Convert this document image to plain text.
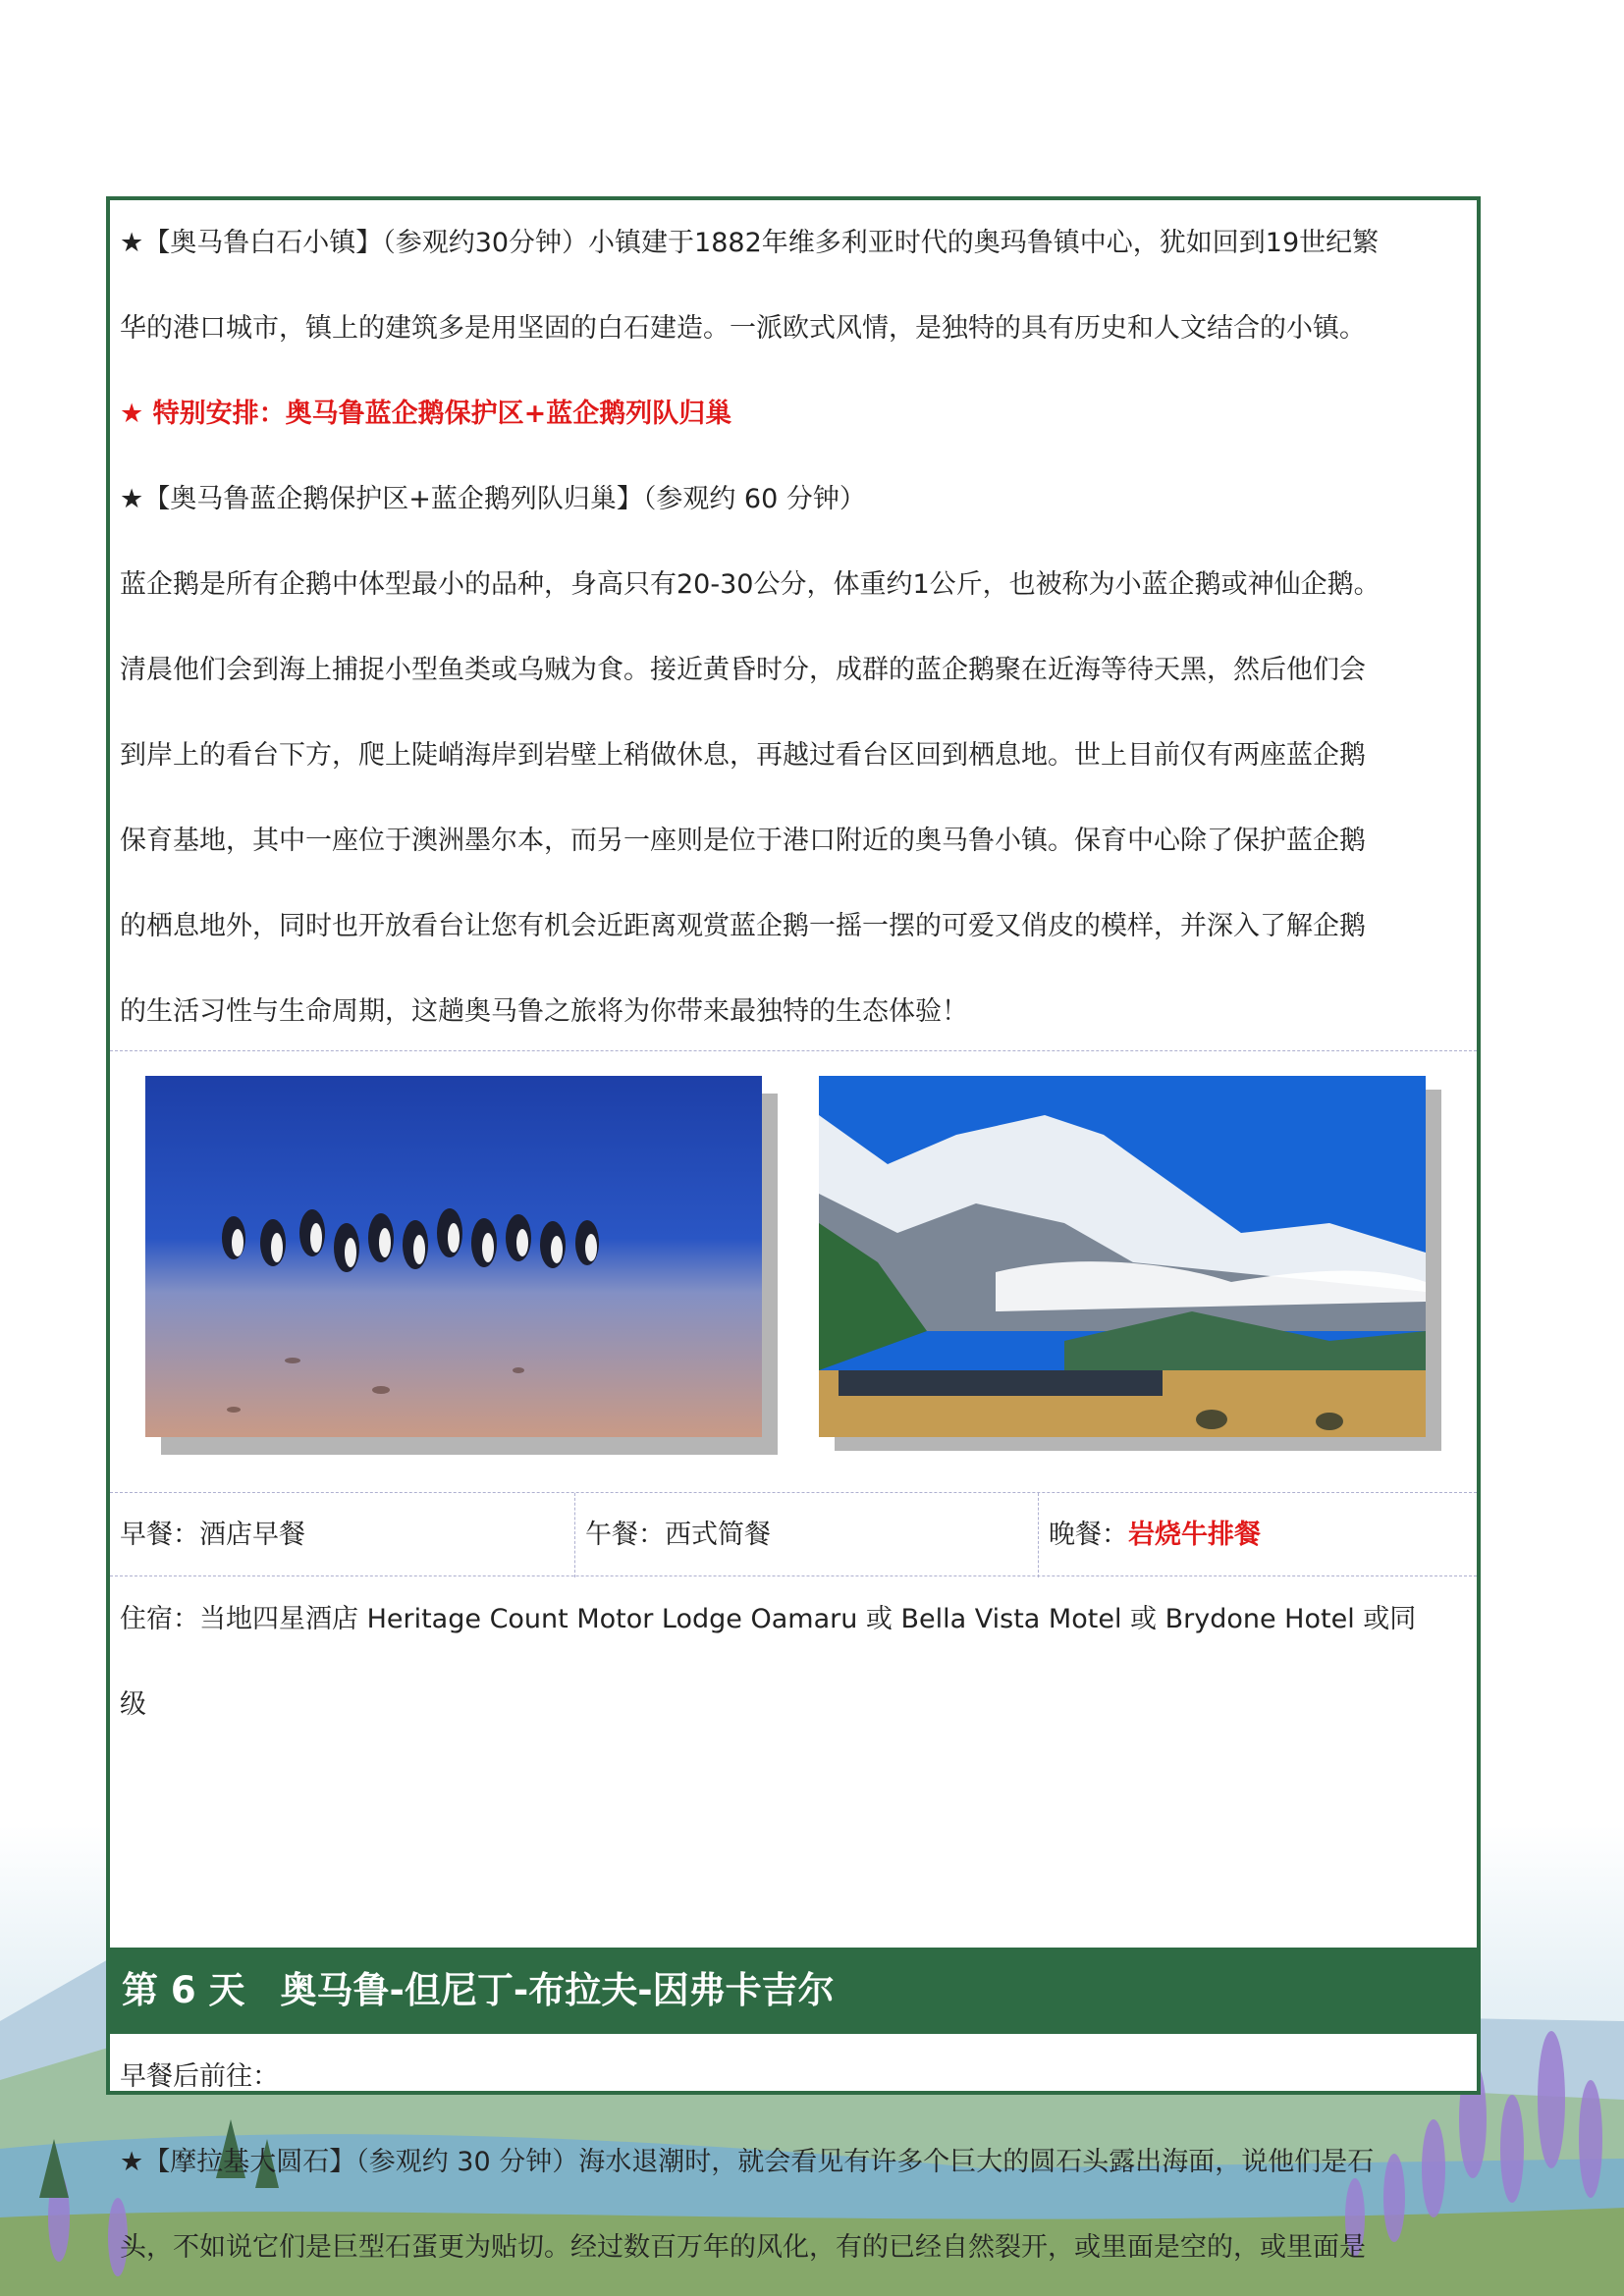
★【奥马鲁白石小镇】（参观约30分钟）小镇建于1882年维多利亚时代的奥玛鲁镇中心，犹如回到19世纪繁
华的港口城市，镇上的建筑多是用坚固的白石建造。一派欧式风情，是独特的具有历史和人文结合的小镇。
★ 特别安排：奥马鲁蓝企鹅保护区+蓝企鹅列队归巢
★【奥马鲁蓝企鹅保护区+蓝企鹅列队归巢】（参观约 60 分钟）
蓝企鹅是所有企鹅中体型最小的品种，身高只有20-30公分，体重约1公斤，也被称为小蓝企鹅或神仙企鹅。
清晨他们会到海上捕捉小型鱼类或乌贼为食。接近黄昏时分，成群的蓝企鹅聚在近海等待天黑，然后他们会
到岸上的看台下方，爬上陡峭海岸到岩壁上稍做休息，再越过看台区回到栖息地。世上目前仅有两座蓝企鹅
保育基地，其中一座位于澳洲墨尔本，而另一座则是位于港口附近的奥马鲁小镇。保育中心除了保护蓝企鹅
的栖息地外，同时也开放看台让您有机会近距离观赏蓝企鹅一摇一摆的可爱又俏皮的模样，并深入了解企鹅
的生活习性与生命周期，这趟奥马鲁之旅将为你带来最独特的生态体验！
早餐：酒店早餐	午餐：西式简餐	晚餐：岩烧牛排餐
住宿：当地四星酒店 Heritage Count Motor Lodge Oamaru 或 Bella Vista Motel 或 Brydone Hotel 或同
级
第 6 天 奥马鲁-但尼丁-布拉夫-因弗卡吉尔
早餐后前往：
★【摩拉基大圆石】（参观约 30 分钟）海水退潮时，就会看见有许多个巨大的圆石头露出海面，说他们是石
头，不如说它们是巨型石蛋更为贴切。经过数百万年的风化，有的已经自然裂开，或里面是空的，或里面是
